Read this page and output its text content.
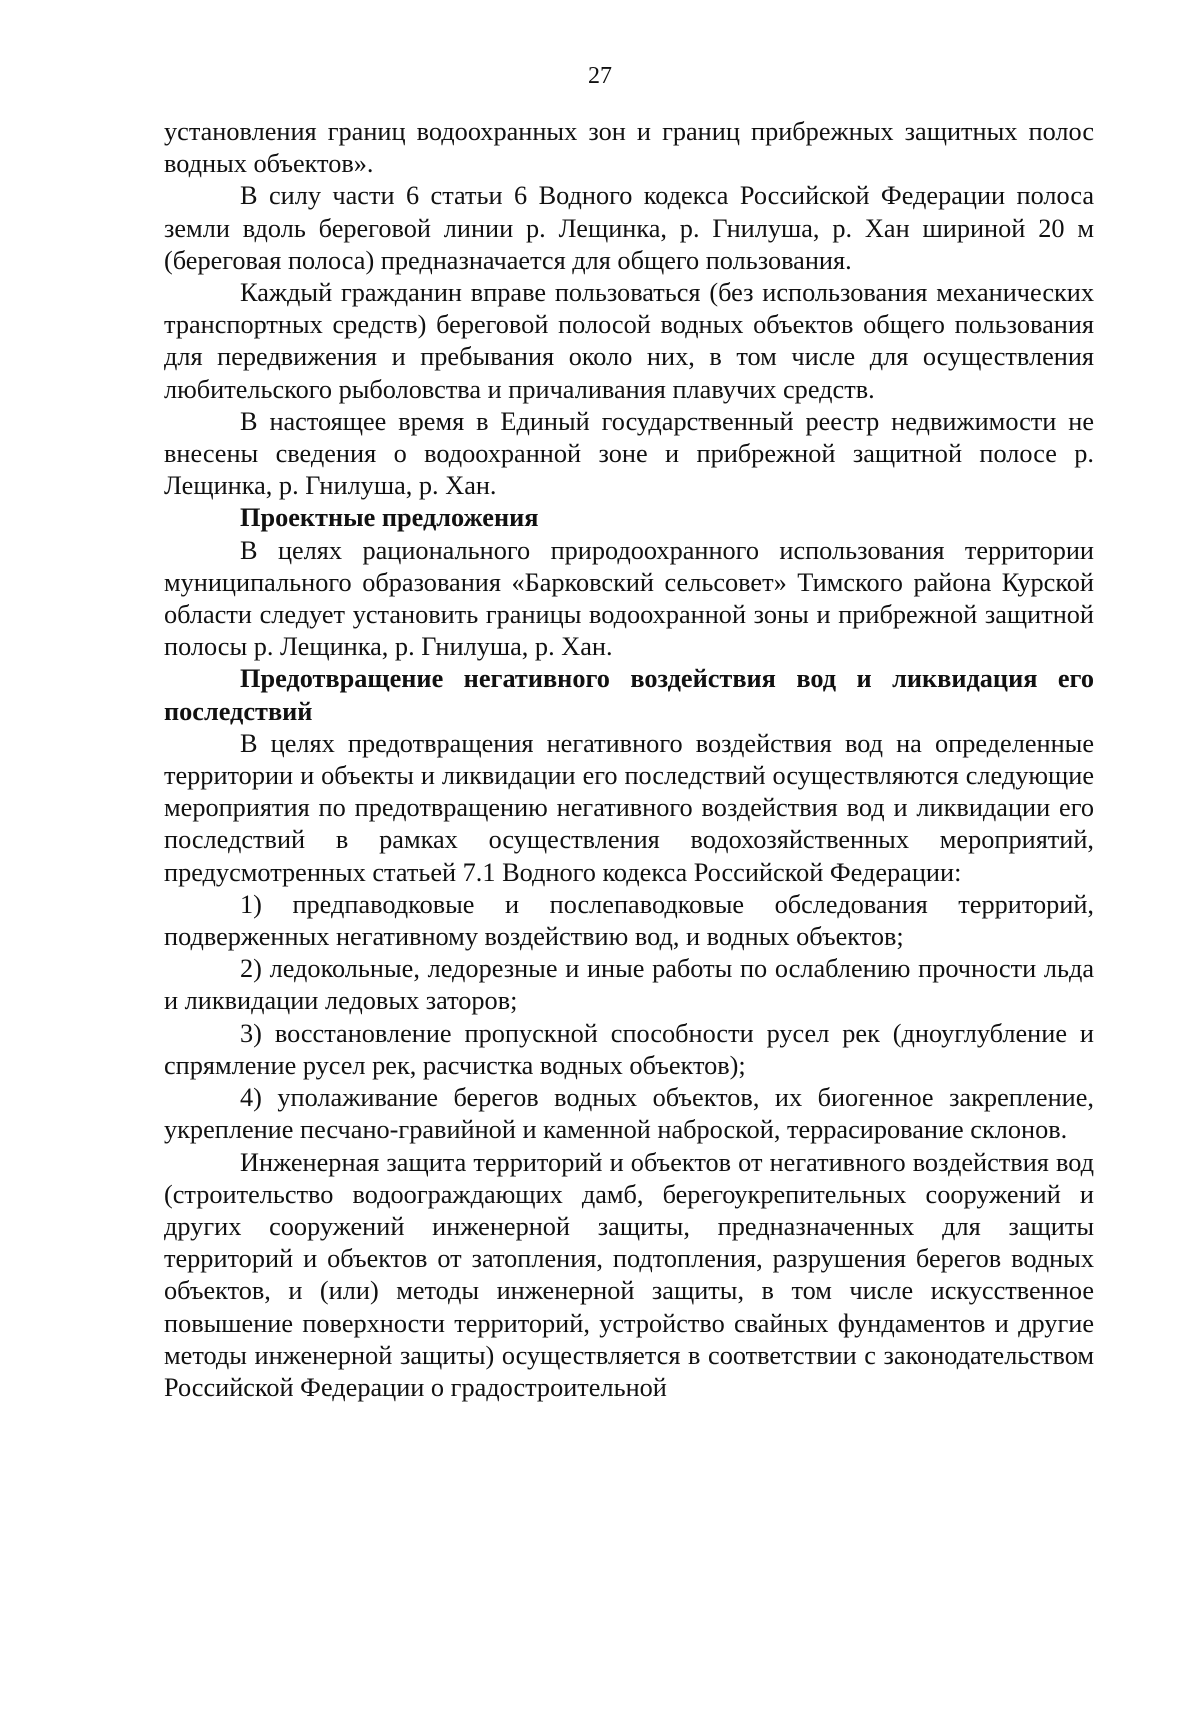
27

установления границ водоохранных зон и границ прибрежных защитных полос водных объектов».

В силу части 6 статьи 6 Водного кодекса Российской Федерации полоса земли вдоль береговой линии р. Лещинка, р. Гнилуша, р. Хан шириной 20 м (береговая полоса) предназначается для общего пользования.

Каждый гражданин вправе пользоваться (без использования механических транспортных средств) береговой полосой водных объектов общего пользования для передвижения и пребывания около них, в том числе для осуществления любительского рыболовства и причаливания плавучих средств.

В настоящее время в Единый государственный реестр недвижимости не внесены сведения о водоохранной зоне и прибрежной защитной полосе р. Лещинка, р. Гнилуша, р. Хан.

Проектные предложения

В целях рационального природоохранного использования территории муниципального образования «Барковский сельсовет» Тимского района Курской области следует установить границы водоохранной зоны и прибрежной защитной полосы р. Лещинка, р. Гнилуша, р. Хан.

Предотвращение негативного воздействия вод и ликвидация его последствий

В целях предотвращения негативного воздействия вод на определенные территории и объекты и ликвидации его последствий осуществляются следующие мероприятия по предотвращению негативного воздействия вод и ликвидации его последствий в рамках осуществления водохозяйственных мероприятий, предусмотренных статьей 7.1 Водного кодекса Российской Федерации:

1) предпаводковые и послепаводковые обследования территорий, подверженных негативному воздействию вод, и водных объектов;

2) ледокольные, ледорезные и иные работы по ослаблению прочности льда и ликвидации ледовых заторов;

3) восстановление пропускной способности русел рек (дноуглубление и спрямление русел рек, расчистка водных объектов);

4) уполаживание берегов водных объектов, их биогенное закрепление, укрепление песчано-гравийной и каменной наброской, террасирование склонов.

Инженерная защита территорий и объектов от негативного воздействия вод (строительство водоограждающих дамб, берегоукрепительных сооружений и других сооружений инженерной защиты, предназначенных для защиты территорий и объектов от затопления, подтопления, разрушения берегов водных объектов, и (или) методы инженерной защиты, в том числе искусственное повышение поверхности территорий, устройство свайных фундаментов и другие методы инженерной защиты) осуществляется в соответствии с законодательством Российской Федерации о градостроительной
